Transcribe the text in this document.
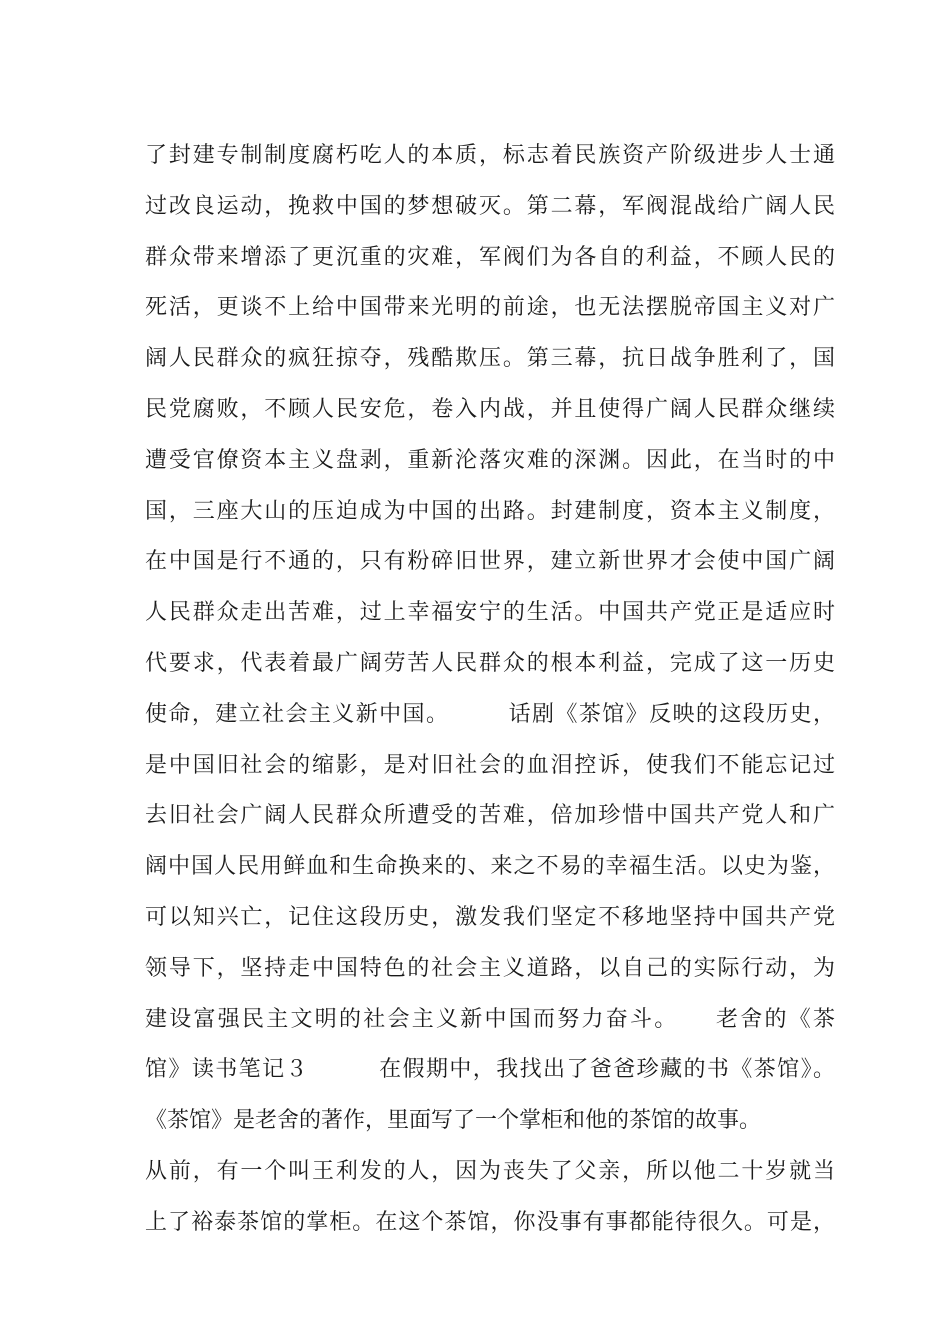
了封建专制制度腐朽吃人的本质，标志着民族资产阶级进步人士通
过改良运动，挽救中国的梦想破灭。第二幕，军阀混战给广阔人民
群众带来增添了更沉重的灾难，军阀们为各自的利益，不顾人民的
死活，更谈不上给中国带来光明的前途，也无法摆脱帝国主义对广
阔人民群众的疯狂掠夺，残酷欺压。第三幕，抗日战争胜利了，国
民党腐败，不顾人民安危，卷入内战，并且使得广阔人民群众继续
遭受官僚资本主义盘剥，重新沦落灾难的深渊。因此，在当时的中
国，三座大山的压迫成为中国的出路。封建制度，资本主义制度，
在中国是行不通的，只有粉碎旧世界，建立新世界才会使中国广阔
人民群众走出苦难，过上幸福安宁的生活。中国共产党正是适应时
代要求，代表着最广阔劳苦人民群众的根本利益，完成了这一历史
使命，建立社会主义新中国。　　　话剧《茶馆》反映的这段历史，
是中国旧社会的缩影，是对旧社会的血泪控诉，使我们不能忘记过
去旧社会广阔人民群众所遭受的苦难，倍加珍惜中国共产党人和广
阔中国人民用鲜血和生命换来的、来之不易的幸福生活。以史为鉴，
可以知兴亡，记住这段历史，激发我们坚定不移地坚持中国共产党
领导下，坚持走中国特色的社会主义道路，以自己的实际行动，为
建设富强民主文明的社会主义新中国而努力奋斗。　　老舍的《茶
馆》读书笔记３　　　在假期中，我找出了爸爸珍藏的书《茶馆》。
《茶馆》是老舍的著作，里面写了一个掌柜和他的茶馆的故事。
从前，有一个叫王利发的人，因为丧失了父亲，所以他二十岁就当
上了裕泰茶馆的掌柜。在这个茶馆，你没事有事都能待很久。可是，
